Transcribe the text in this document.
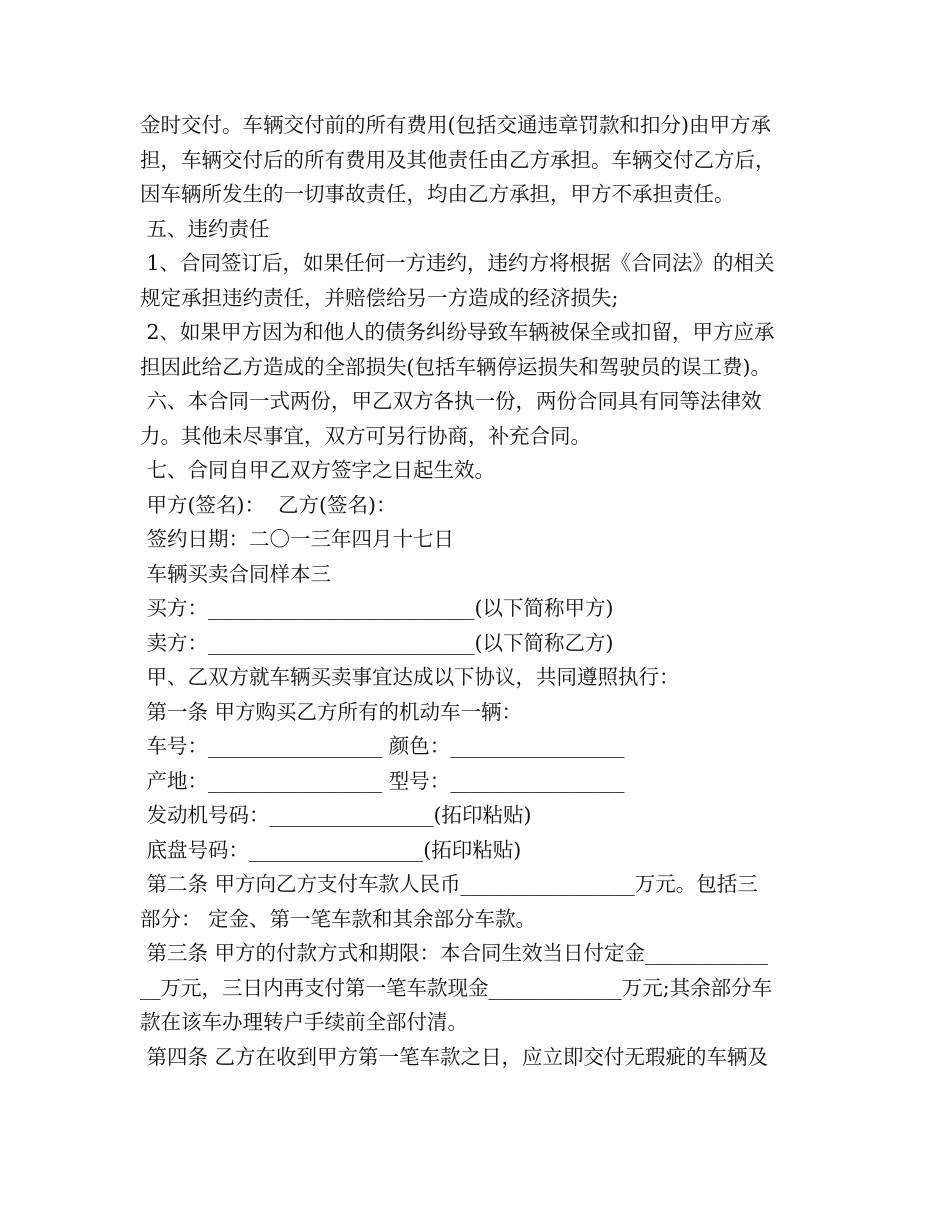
金时交付。车辆交付前的所有费用(包括交通违章罚款和扣分)由甲方承
担，车辆交付后的所有费用及其他责任由乙方承担。车辆交付乙方后，
因车辆所发生的一切事故责任，均由乙方承担，甲方不承担责任。
五、违约责任
1、合同签订后，如果任何一方违约，违约方将根据《合同法》的相关
规定承担违约责任，并赔偿给另一方造成的经济损失;
2、如果甲方因为和他人的债务纠纷导致车辆被保全或扣留，甲方应承
担因此给乙方造成的全部损失(包括车辆停运损失和驾驶员的误工费)。
六、本合同一式两份，甲乙双方各执一份，两份合同具有同等法律效
力。其他未尽事宜，双方可另行协商，补充合同。
七、合同自甲乙双方签字之日起生效。
甲方(签名)：  乙方(签名)：
签约日期：二〇一三年四月十七日
车辆买卖合同样本三
买方：__________________________(以下简称甲方)
卖方：__________________________(以下简称乙方)
甲、乙双方就车辆买卖事宜达成以下协议，共同遵照执行：
第一条 甲方购买乙方所有的机动车一辆：
车号：_________________ 颜色：_________________
产地：_________________ 型号：_________________
发动机号码：________________(拓印粘贴)
底盘号码：_________________(拓印粘贴)
第二条 甲方向乙方支付车款人民币_________________万元。包括三
部分： 定金、第一笔车款和其余部分车款。
第三条 甲方的付款方式和期限：本合同生效当日付定金____________
__万元，三日内再支付第一笔车款现金_____________万元;其余部分车
款在该车办理转户手续前全部付清。
第四条 乙方在收到甲方第一笔车款之日，应立即交付无瑕疵的车辆及
